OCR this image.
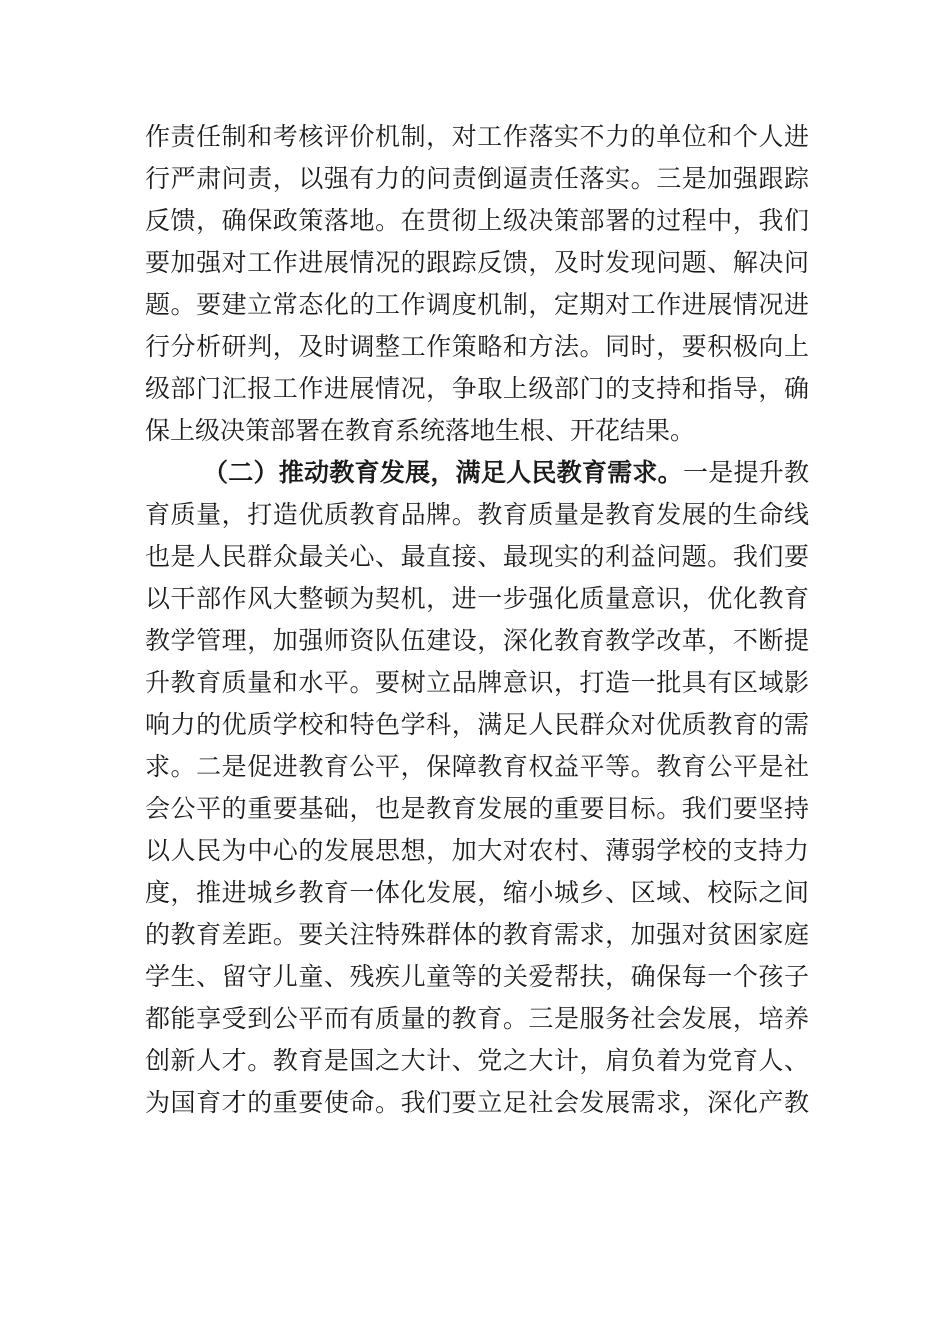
作责任制和考核评价机制，对工作落实不力的单位和个人进
行严肃问责，以强有力的问责倒逼责任落实。三是加强跟踪
反馈，确保政策落地。在贯彻上级决策部署的过程中，我们
要加强对工作进展情况的跟踪反馈，及时发现问题、解决问
题。要建立常态化的工作调度机制，定期对工作进展情况进
行分析研判，及时调整工作策略和方法。同时，要积极向上
级部门汇报工作进展情况，争取上级部门的支持和指导，确
保上级决策部署在教育系统落地生根、开花结果。
（二）推动教育发展，满足人民教育需求。一是提升教
育质量，打造优质教育品牌。教育质量是教育发展的生命线
也是人民群众最关心、最直接、最现实的利益问题。我们要
以干部作风大整顿为契机，进一步强化质量意识，优化教育
教学管理，加强师资队伍建设，深化教育教学改革，不断提
升教育质量和水平。要树立品牌意识，打造一批具有区域影
响力的优质学校和特色学科，满足人民群众对优质教育的需
求。二是促进教育公平，保障教育权益平等。教育公平是社
会公平的重要基础，也是教育发展的重要目标。我们要坚持
以人民为中心的发展思想，加大对农村、薄弱学校的支持力
度，推进城乡教育一体化发展，缩小城乡、区域、校际之间
的教育差距。要关注特殊群体的教育需求，加强对贫困家庭
学生、留守儿童、残疾儿童等的关爱帮扶，确保每一个孩子
都能享受到公平而有质量的教育。三是服务社会发展，培养
创新人才。教育是国之大计、党之大计，肩负着为党育人、
为国育才的重要使命。我们要立足社会发展需求，深化产教
